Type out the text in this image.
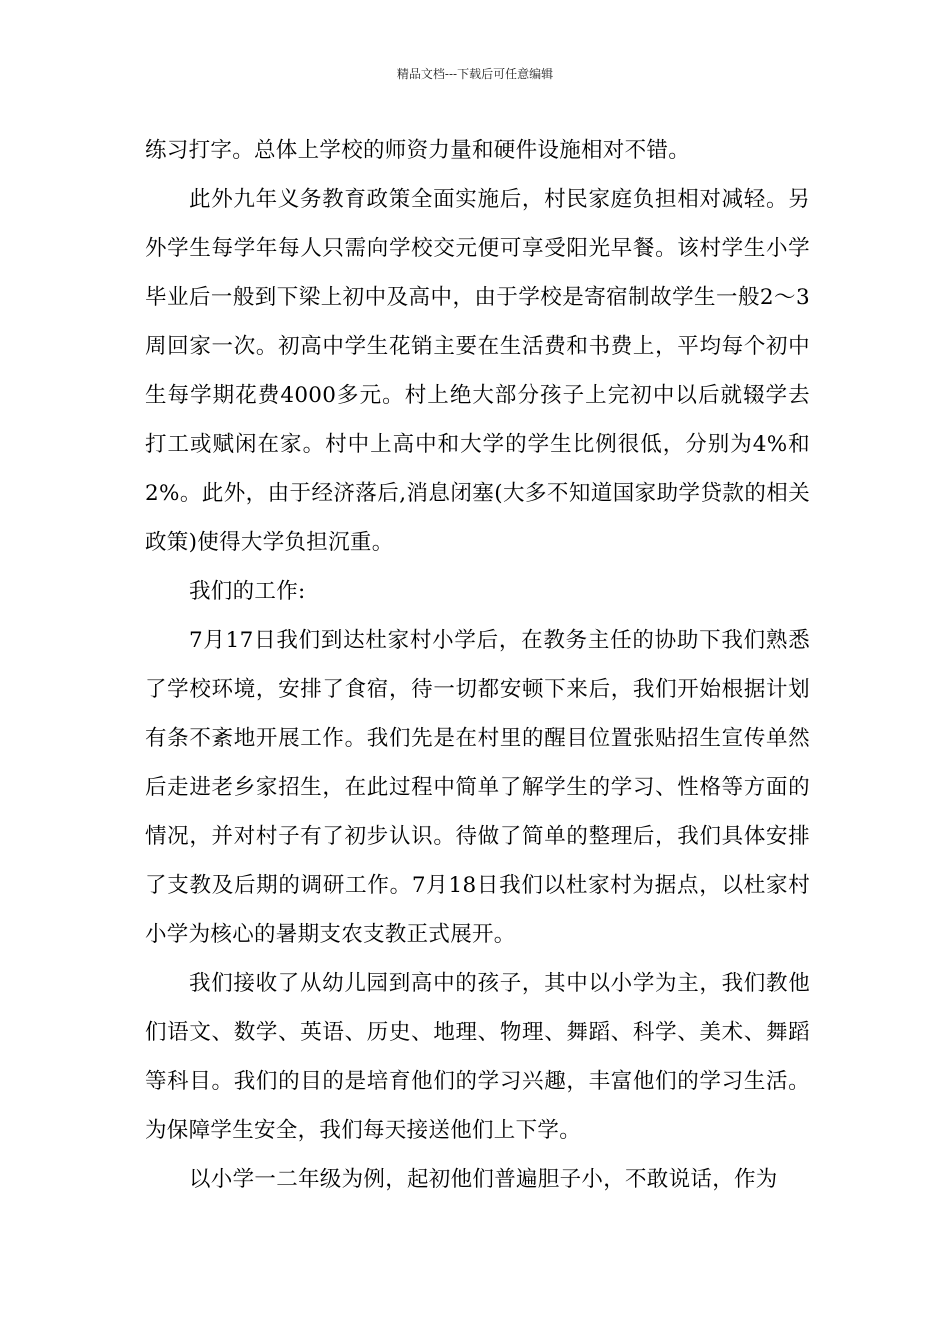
精品文档---下载后可任意编辑

练习打字。总体上学校的师资力量和硬件设施相对不错。

此外九年义务教育政策全面实施后，村民家庭负担相对减轻。另外学生每学年每人只需向学校交元便可享受阳光早餐。该村学生小学毕业后一般到下梁上初中及高中，由于学校是寄宿制故学生一般2～3周回家一次。初高中学生花销主要在生活费和书费上，平均每个初中生每学期花费4000多元。村上绝大部分孩子上完初中以后就辍学去打工或赋闲在家。村中上高中和大学的学生比例很低，分别为4%和2%。此外，由于经济落后,消息闭塞(大多不知道国家助学贷款的相关政策)使得大学负担沉重。

我们的工作:

7月17日我们到达杜家村小学后，在教务主任的协助下我们熟悉了学校环境，安排了食宿，待一切都安顿下来后，我们开始根据计划有条不紊地开展工作。我们先是在村里的醒目位置张贴招生宣传单然后走进老乡家招生，在此过程中简单了解学生的学习、性格等方面的情况，并对村子有了初步认识。待做了简单的整理后，我们具体安排了支教及后期的调研工作。7月18日我们以杜家村为据点，以杜家村小学为核心的暑期支农支教正式展开。

我们接收了从幼儿园到高中的孩子，其中以小学为主，我们教他们语文、数学、英语、历史、地理、物理、舞蹈、科学、美术、舞蹈等科目。我们的目的是培育他们的学习兴趣，丰富他们的学习生活。为保障学生安全，我们每天接送他们上下学。

以小学一二年级为例，起初他们普遍胆子小，不敢说话，作为
